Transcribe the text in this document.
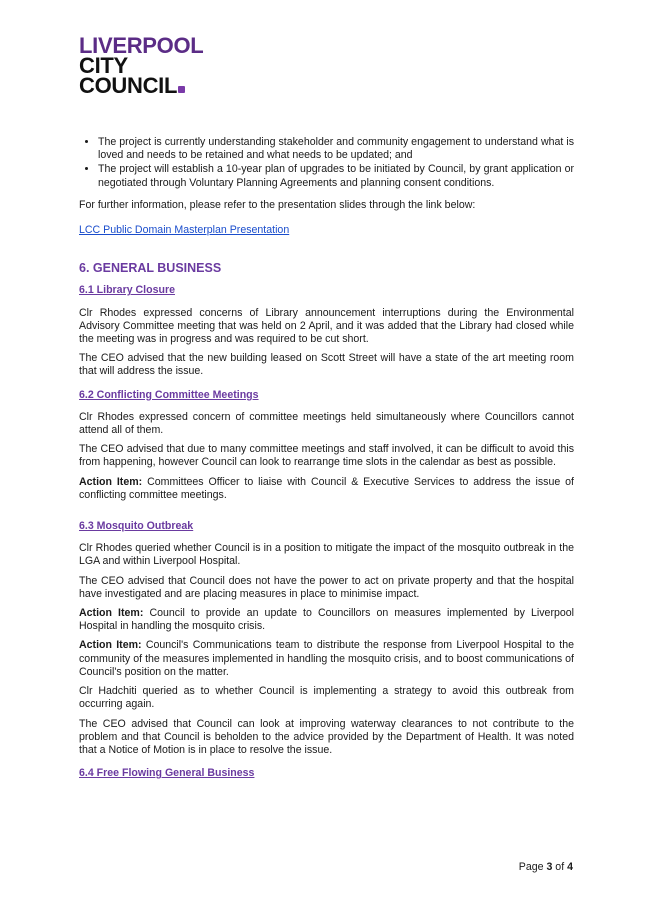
LIVERPOOL
CITY
COUNCIL
• The project is currently understanding stakeholder and community engagement to understand what is loved and needs to be retained and what needs to be updated; and
• The project will establish a 10-year plan of upgrades to be initiated by Council, by grant application or negotiated through Voluntary Planning Agreements and planning consent conditions.

For further information, please refer to the presentation slides through the link below:

LCC Public Domain Masterplan Presentation
6. GENERAL BUSINESS
6.1 Library Closure

Clr Rhodes expressed concerns of Library announcement interruptions during the Environmental Advisory Committee meeting that was held on 2 April, and it was added that the Library had closed while the meeting was in progress and was required to be cut short.

The CEO advised that the new building leased on Scott Street will have a state of the art meeting room that will address the issue.

6.2 Conflicting Committee Meetings

Clr Rhodes expressed concern of committee meetings held simultaneously where Councillors cannot attend all of them.

The CEO advised that due to many committee meetings and staff involved, it can be difficult to avoid this from happening, however Council can look to rearrange time slots in the calendar as best as possible.

Action Item: Committees Officer to liaise with Council & Executive Services to address the issue of conflicting committee meetings.

6.3 Mosquito Outbreak

Clr Rhodes queried whether Council is in a position to mitigate the impact of the mosquito outbreak in the LGA and within Liverpool Hospital.

The CEO advised that Council does not have the power to act on private property and that the hospital have investigated and are placing measures in place to minimise impact.

Action Item: Council to provide an update to Councillors on measures implemented by Liverpool Hospital in handling the mosquito crisis.

Action Item: Council's Communications team to distribute the response from Liverpool Hospital to the community of the measures implemented in handling the mosquito crisis, and to boost communications of Council's position on the matter.

Clr Hadchiti queried as to whether Council is implementing a strategy to avoid this outbreak from occurring again.

The CEO advised that Council can look at improving waterway clearances to not contribute to the problem and that Council is beholden to the advice provided by the Department of Health. It was noted that a Notice of Motion is in place to resolve the issue.

6.4 Free Flowing General Business
Page 3 of 4
